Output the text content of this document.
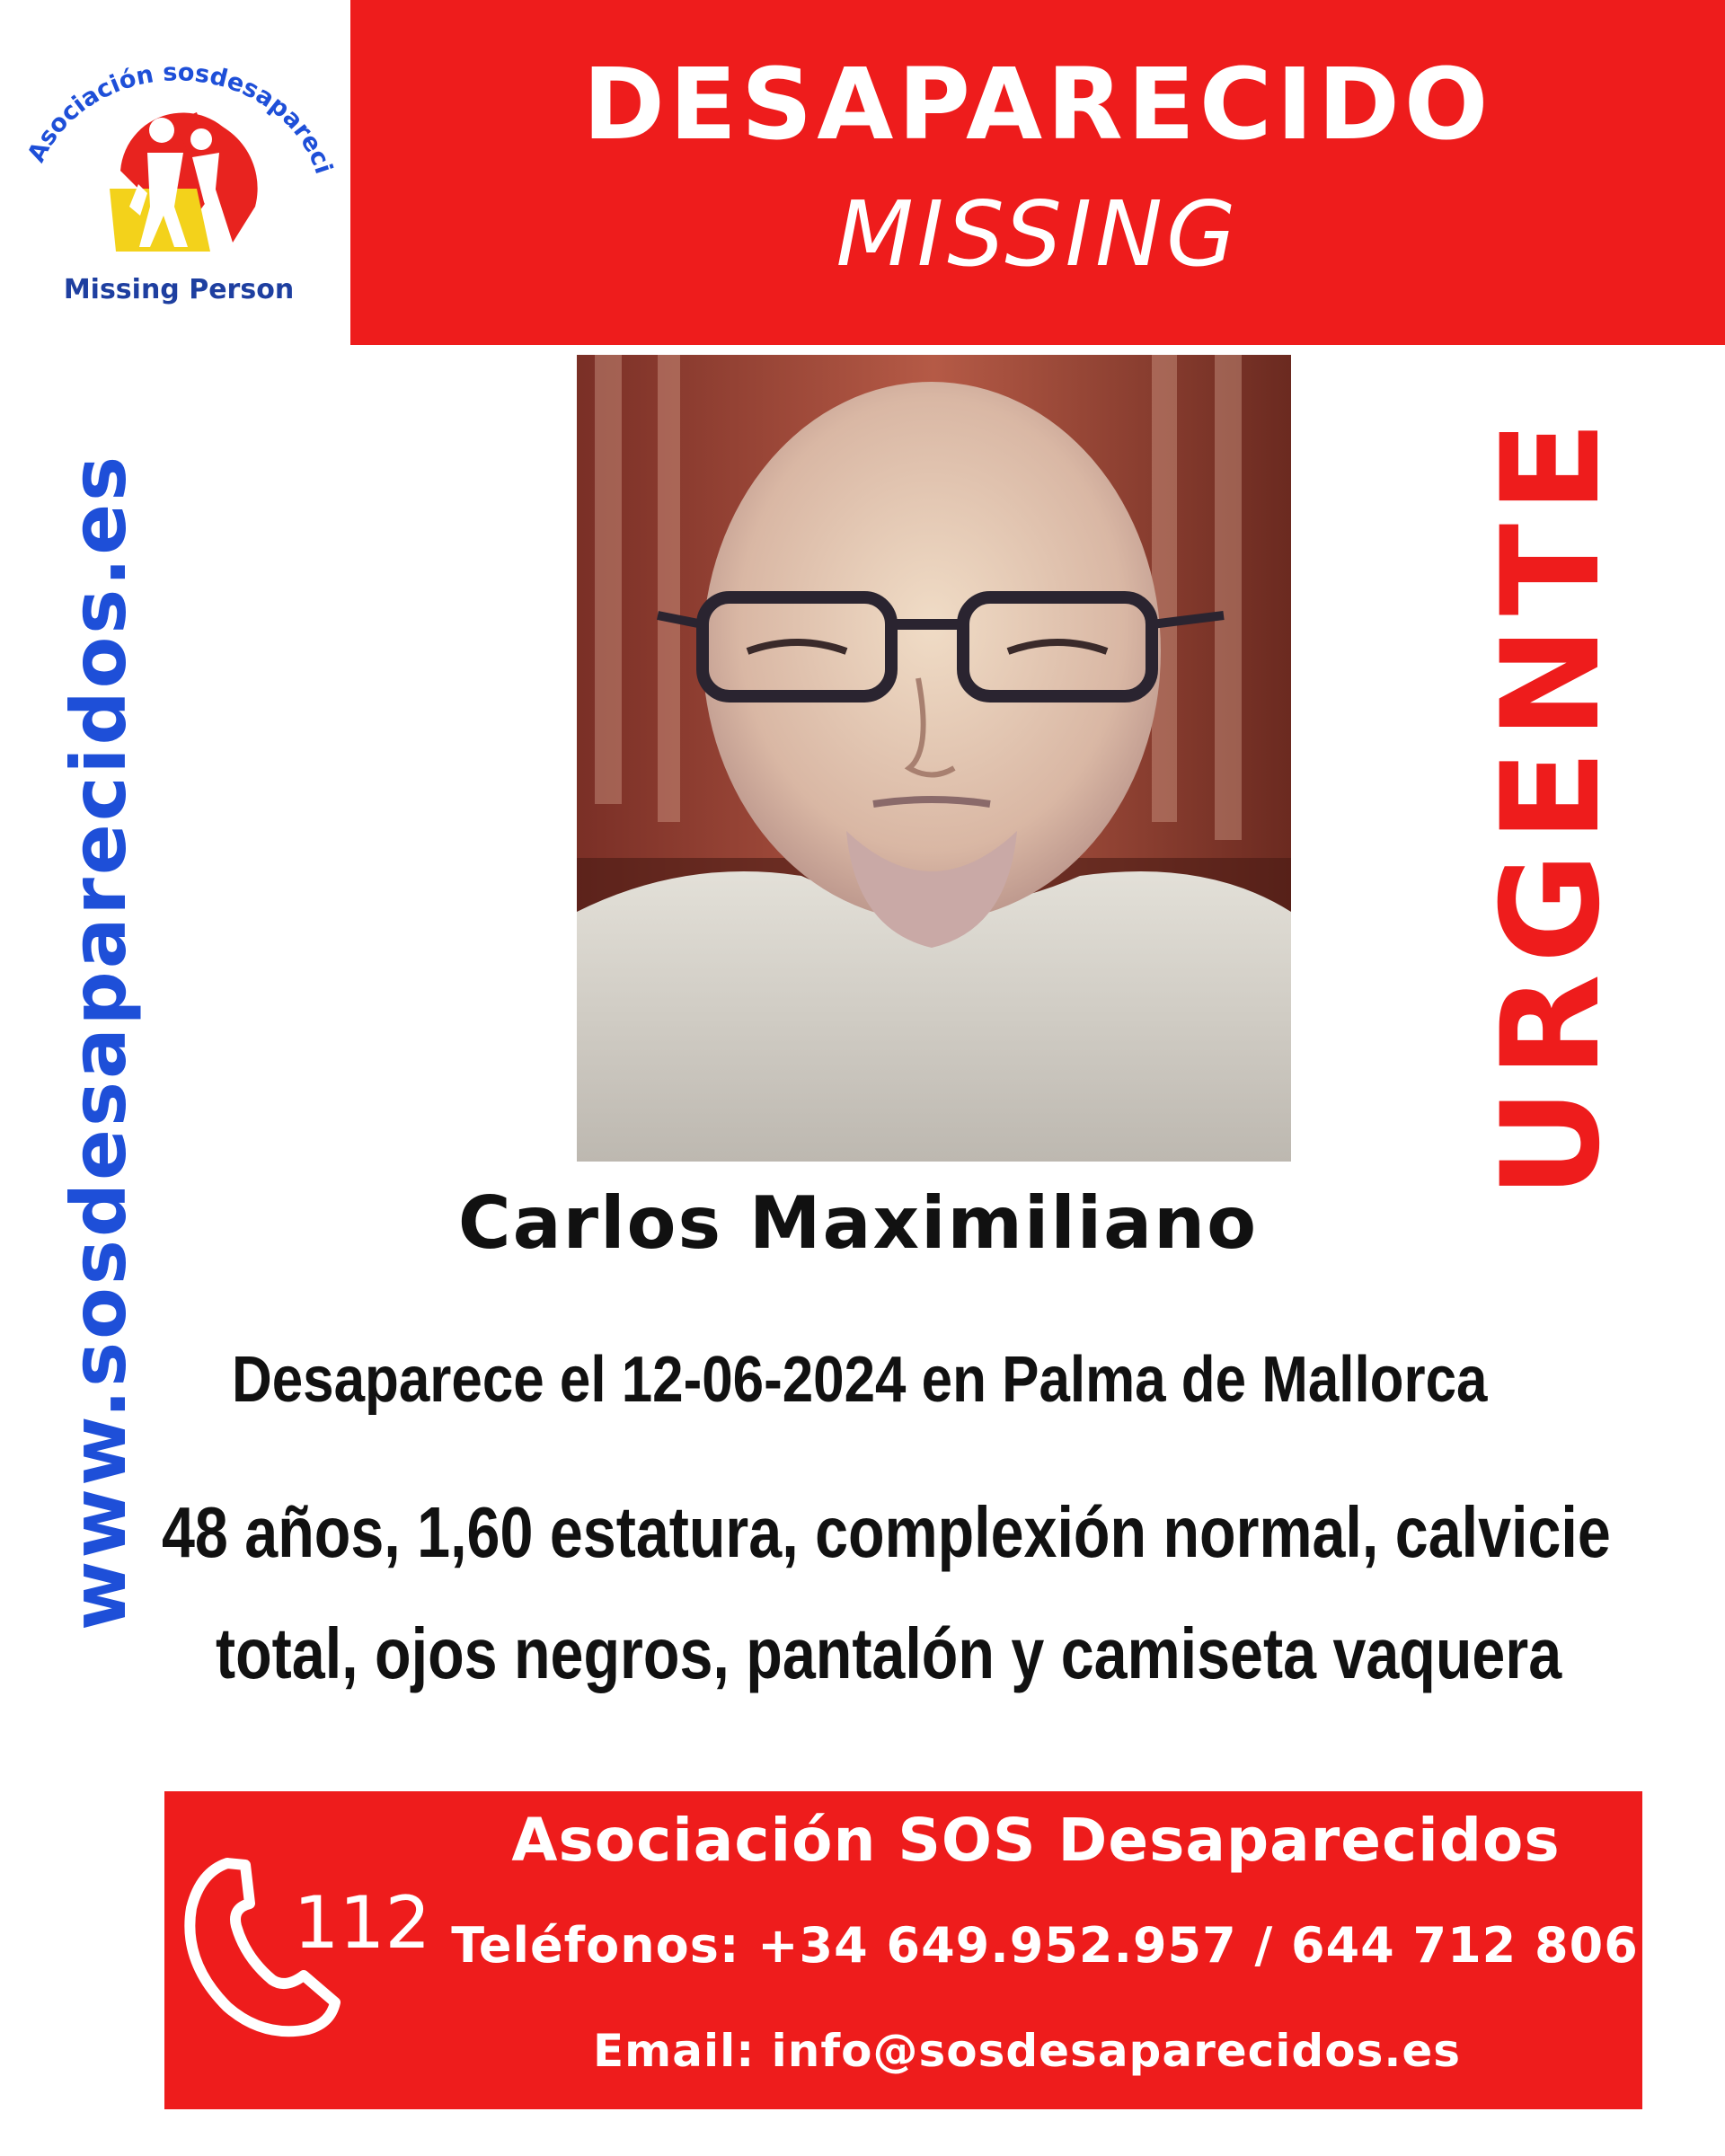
Asociación sosdesapareci
Missing Person
DESAPARECIDO
MISSING
www.sosdesaparecidos.es	URGENTE
Carlos Maximiliano
Desaparece el 12-06-2024 en Palma de Mallorca
48 años, 1,60 estatura, complexión normal, calvicie
total, ojos negros, pantalón y camiseta vaquera
112
Asociación SOS Desaparecidos
Teléfonos: +34 649.952.957 / 644 712 806
Email: info@sosdesaparecidos.es
